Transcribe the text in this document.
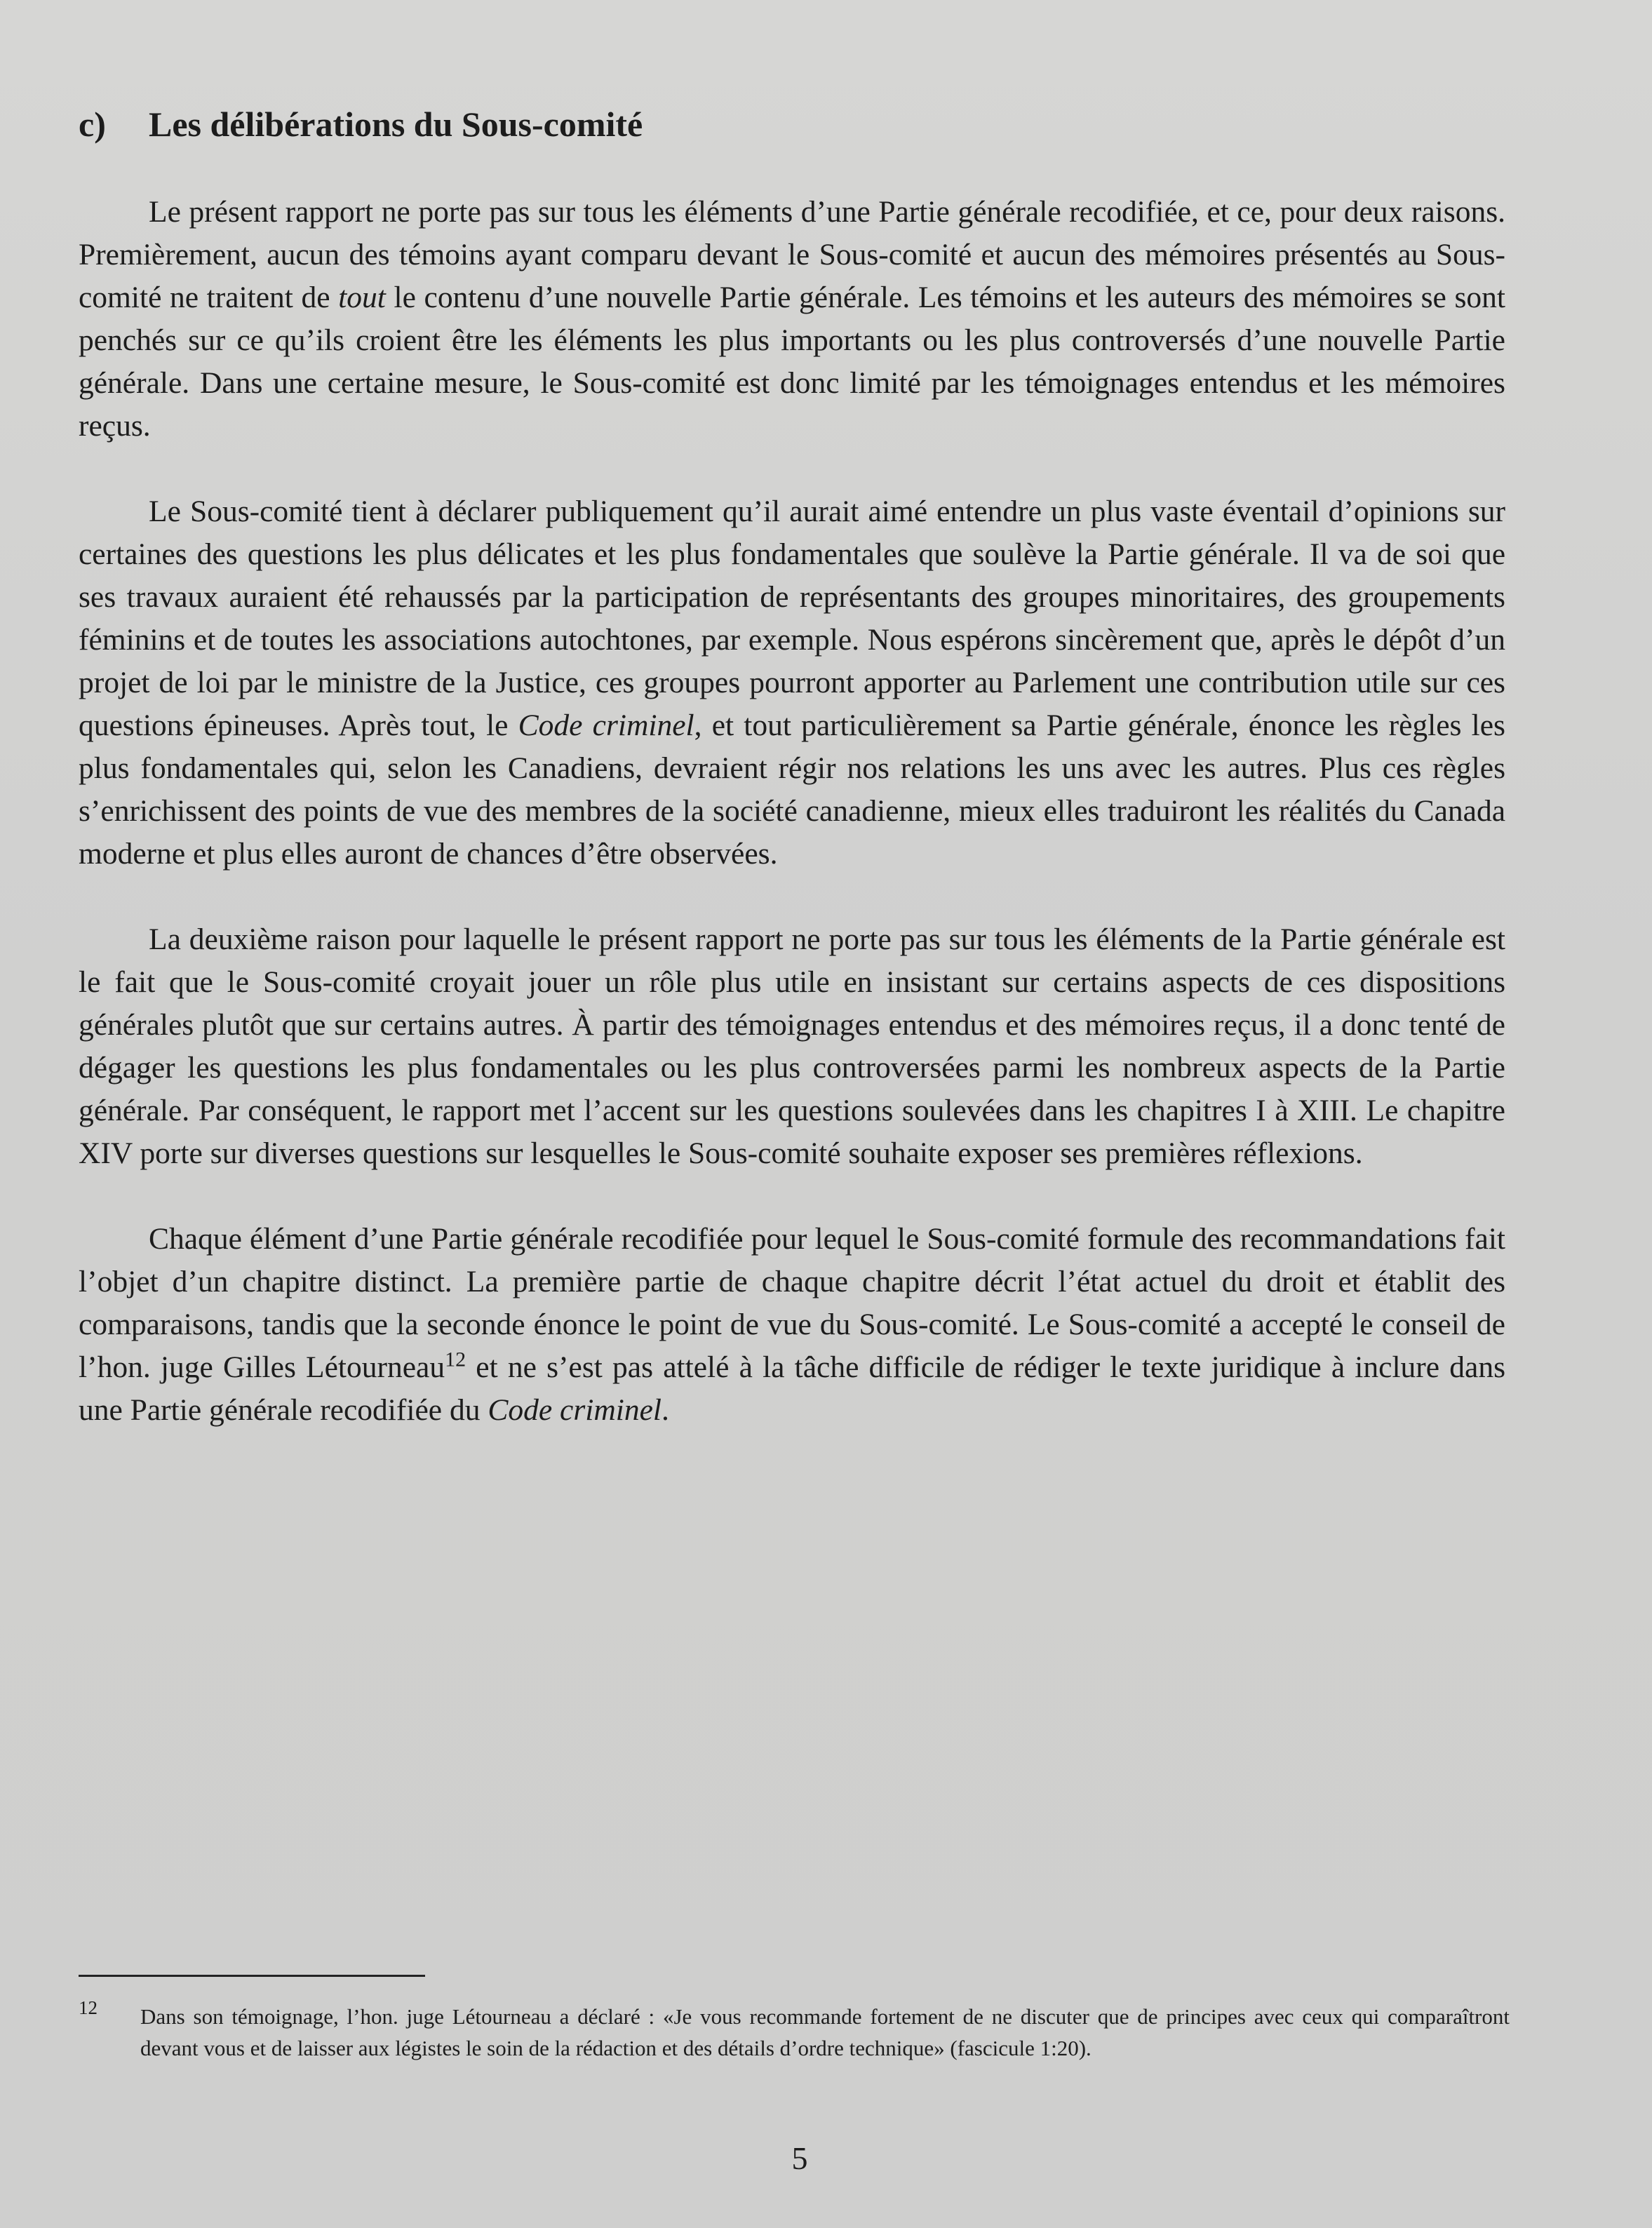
c) Les délibérations du Sous-comité

Le présent rapport ne porte pas sur tous les éléments d’une Partie générale recodifiée, et ce, pour deux raisons. Premièrement, aucun des témoins ayant comparu devant le Sous-comité et aucun des mémoires présentés au Sous-comité ne traitent de tout le contenu d’une nouvelle Partie générale. Les témoins et les auteurs des mémoires se sont penchés sur ce qu’ils croient être les éléments les plus importants ou les plus controversés d’une nouvelle Partie générale. Dans une certaine mesure, le Sous-comité est donc limité par les témoignages entendus et les mémoires reçus.

Le Sous-comité tient à déclarer publiquement qu’il aurait aimé entendre un plus vaste éventail d’opinions sur certaines des questions les plus délicates et les plus fondamentales que soulève la Partie générale. Il va de soi que ses travaux auraient été rehaussés par la participation de représentants des groupes minoritaires, des groupements féminins et de toutes les associations autochtones, par exemple. Nous espérons sincèrement que, après le dépôt d’un projet de loi par le ministre de la Justice, ces groupes pourront apporter au Parlement une contribution utile sur ces questions épineuses. Après tout, le Code criminel, et tout particulièrement sa Partie générale, énonce les règles les plus fondamentales qui, selon les Canadiens, devraient régir nos relations les uns avec les autres. Plus ces règles s’enrichissent des points de vue des membres de la société canadienne, mieux elles traduiront les réalités du Canada moderne et plus elles auront de chances d’être observées.

La deuxième raison pour laquelle le présent rapport ne porte pas sur tous les éléments de la Partie générale est le fait que le Sous-comité croyait jouer un rôle plus utile en insistant sur certains aspects de ces dispositions générales plutôt que sur certains autres. À partir des témoignages entendus et des mémoires reçus, il a donc tenté de dégager les questions les plus fondamentales ou les plus controversées parmi les nombreux aspects de la Partie générale. Par conséquent, le rapport met l’accent sur les questions soulevées dans les chapitres I à XIII. Le chapitre XIV porte sur diverses questions sur lesquelles le Sous-comité souhaite exposer ses premières réflexions.

Chaque élément d’une Partie générale recodifiée pour lequel le Sous-comité formule des recommandations fait l’objet d’un chapitre distinct. La première partie de chaque chapitre décrit l’état actuel du droit et établit des comparaisons, tandis que la seconde énonce le point de vue du Sous-comité. Le Sous-comité a accepté le conseil de l’hon. juge Gilles Létourneau$^{12}$ et ne s’est pas attelé à la tâche difficile de rédiger le texte juridique à inclure dans une Partie générale recodifiée du Code criminel.

12 Dans son témoignage, l’hon. juge Létourneau a déclaré : «Je vous recommande fortement de ne discuter que de principes avec ceux qui comparaîtront devant vous et de laisser aux légistes le soin de la rédaction et des détails d’ordre technique» (fascicule 1:20).
5
